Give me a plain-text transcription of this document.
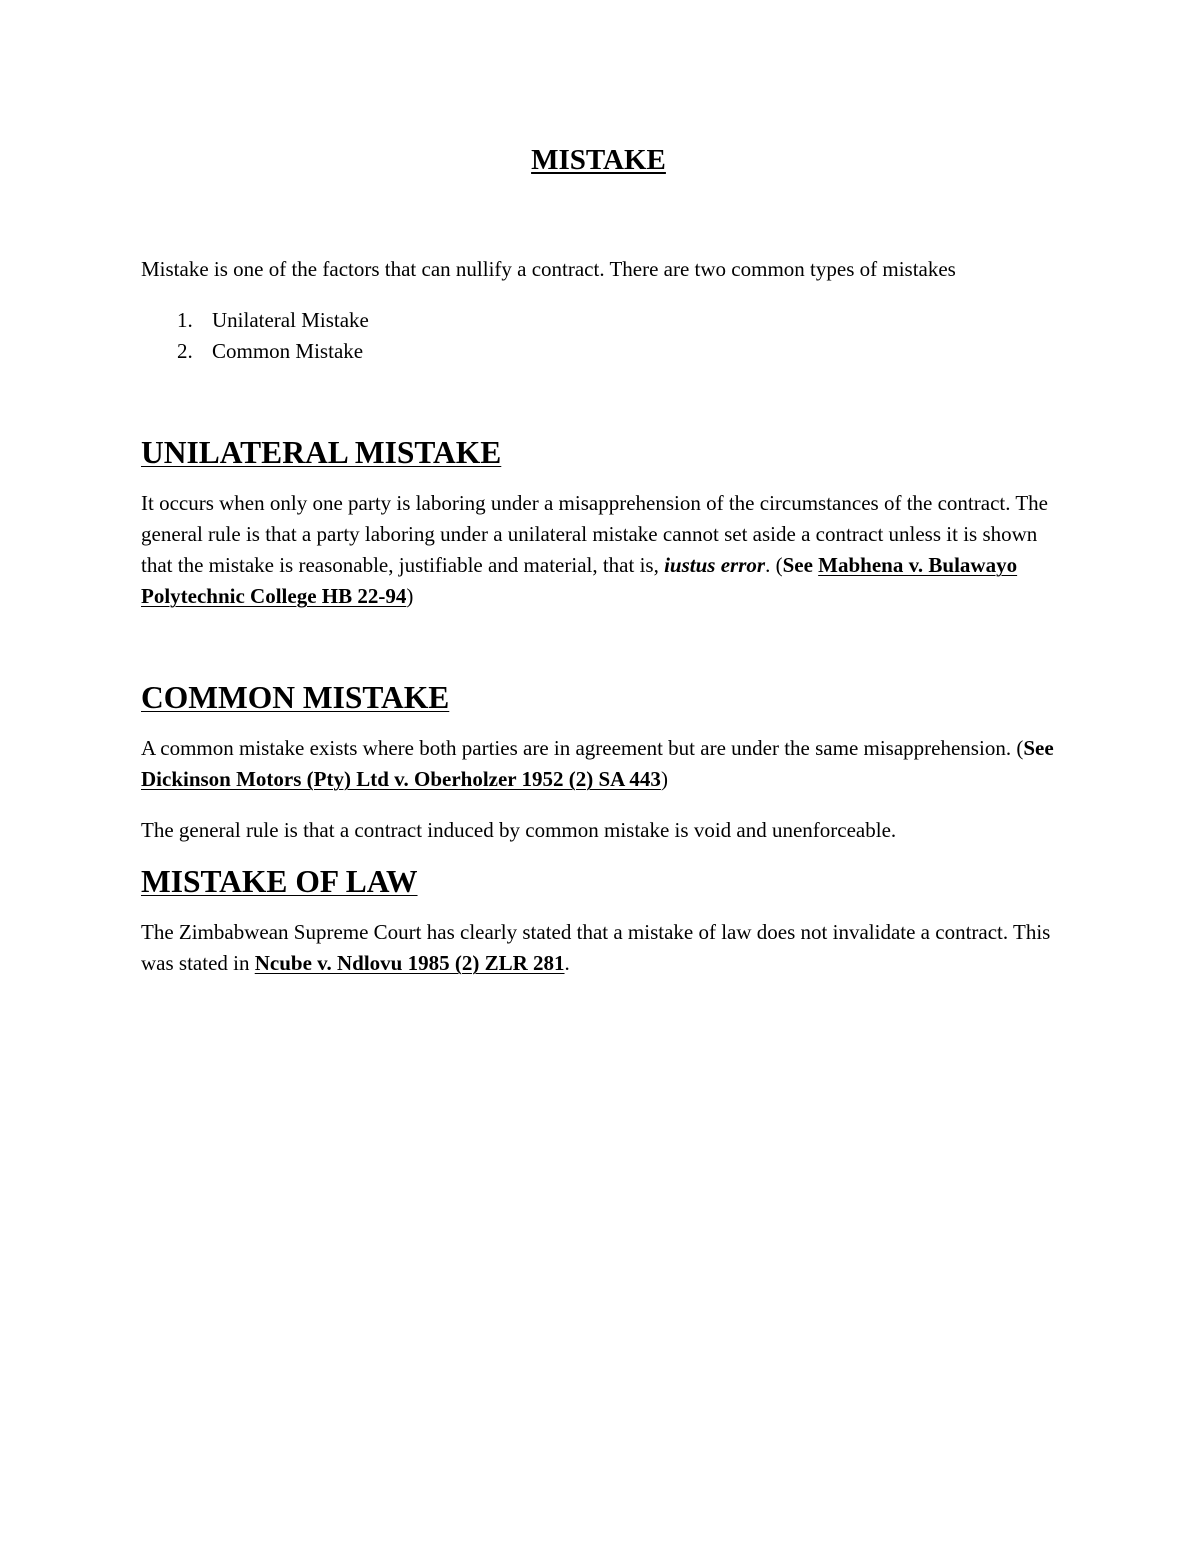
MISTAKE

Mistake is one of the factors that can nullify a contract. There are two common types of mistakes

1. Unilateral Mistake
2. Common Mistake
UNILATERAL MISTAKE

It occurs when only one party is laboring under a misapprehension of the circumstances of the contract. The general rule is that a party laboring under a unilateral mistake cannot set aside a contract unless it is shown that the mistake is reasonable, justifiable and material, that is, iustus error. (See Mabhena v. Bulawayo Polytechnic College HB 22-94)

COMMON MISTAKE

A common mistake exists where both parties are in agreement but are under the same misapprehension. (See Dickinson Motors (Pty) Ltd v. Oberholzer 1952 (2) SA 443)

The general rule is that a contract induced by common mistake is void and unenforceable.

MISTAKE OF LAW

The Zimbabwean Supreme Court has clearly stated that a mistake of law does not invalidate a contract. This was stated in Ncube v. Ndlovu 1985 (2) ZLR 281.
